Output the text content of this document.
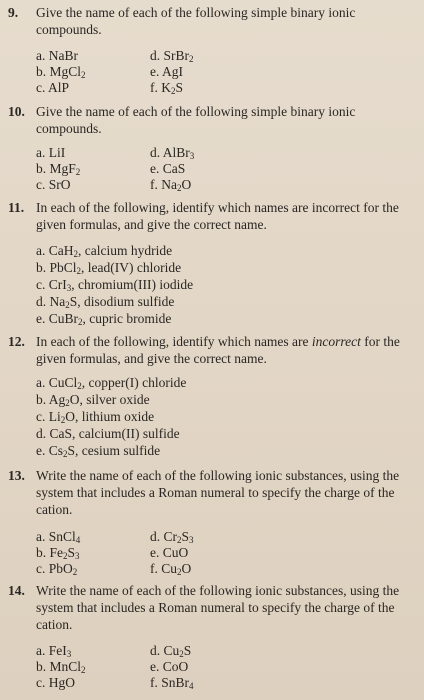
9. Give the name of each of the following simple binary ionic compounds.
a. NaBr
b. MgCl$_2$
c. AlP
d. SrBr$_2$
e. AgI
f. $K_2S$
10. Give the name of each of the following simple binary ionic compounds.
a. LiI
b. MgF$_2$
c. SrO
d. AlBr$_3$
e. CaS
f. $Na_2O$
11. In each of the following, identify which names are incorrect for the given formulas, and give the correct name.
a. CaH$_2$, calcium hydride
b. PbCl$_2$, lead(IV) chloride
c. CrI$_3$, chromium(III) iodide
d. $Na_2S$, disodium sulfide
e. CuBr$_2$, cupric bromide
12. In each of the following, identify which names are incorrect for the given formulas, and give the correct name.
a. CuCl$_2$, copper(I) chloride
b. $Ag_2O$, silver oxide
c. $Li_2O$, lithium oxide
d. CaS, calcium(II) sulfide
e. $Cs_2S$, cesium sulfide
13. Write the name of each of the following ionic substances, using the system that includes a Roman numeral to specify the charge of the cation.
a. SnCl$_4$
b. $Fe_2S_3$
c. PbO$_2$
d. $Cr_2S_3$
e. CuO
f. $Cu_2O$
14. Write the name of each of the following ionic substances, using the system that includes a Roman numeral to specify the charge of the cation.
a. FeI$_3$
b. MnCl$_2$
c. HgO
d. $Cu_2S$
e. CoO
f. SnBr$_4$
